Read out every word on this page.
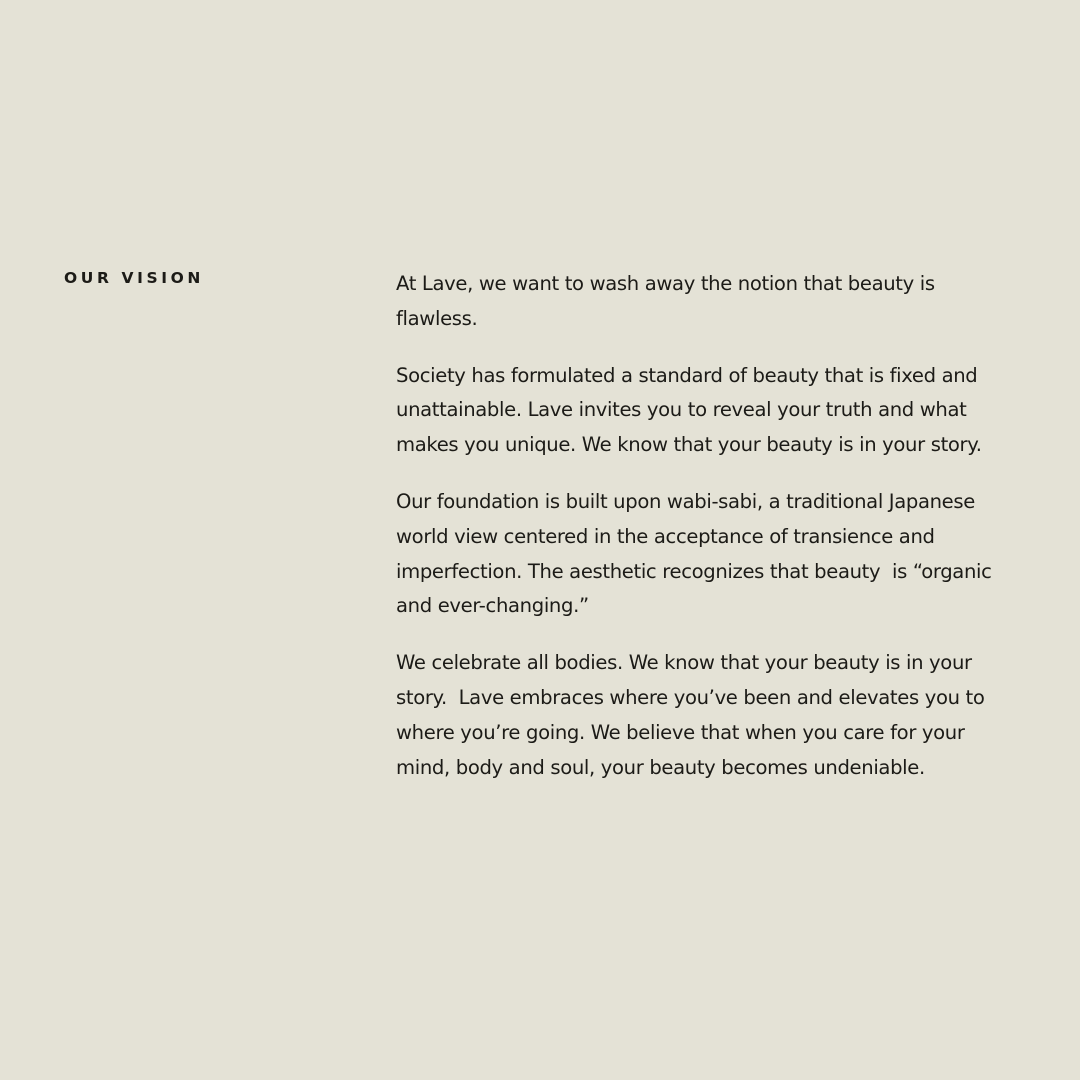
OUR VISION	At Lave, we want to wash away the notion that beauty is flawless.

Society has formulated a standard of beauty that is fixed and unattainable. Lave invites you to reveal your truth and what makes you unique. We know that your beauty is in your story.

Our foundation is built upon wabi-sabi, a traditional Japanese world view centered in the acceptance of transience and imperfection. The aesthetic recognizes that beauty  is “organic and ever-changing.”

We celebrate all bodies. We know that your beauty is in your story.  Lave embraces where you’ve been and elevates you to where you’re going. We believe that when you care for your mind, body and soul, your beauty becomes undeniable.
